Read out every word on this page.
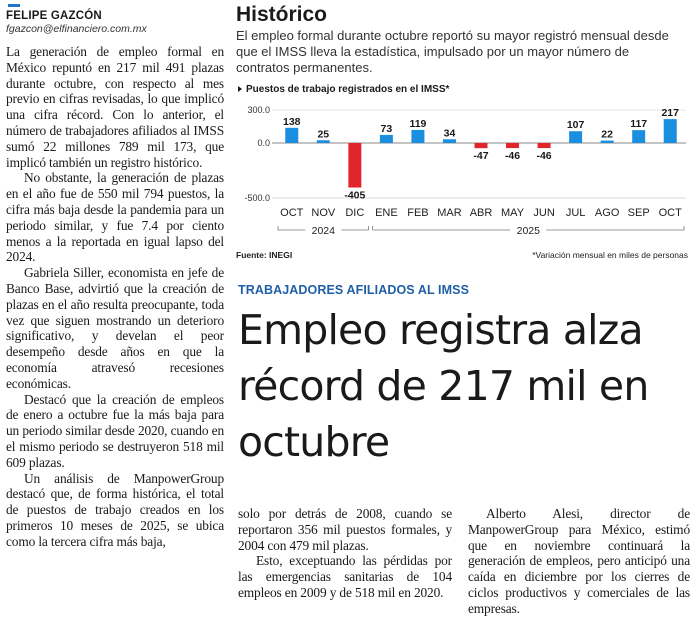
FELIPE GAZCÓN
fgazcon@elfinanciero.com.mx

La generación de empleo formal en México repuntó en 217 mil 491 plazas durante octubre, con respecto al mes previo en cifras revisadas, lo que implicó una cifra récord. Con lo anterior, el número de trabajadores afiliados al IMSS sumó 22 millones 789 mil 173, que implicó también un registro histórico.

No obstante, la generación de plazas en el año fue de 550 mil 794 puestos, la cifra más baja desde la pandemia para un periodo similar, y fue 7.4 por ciento menos a la reportada en igual lapso del 2024.

Gabriela Siller, economista en jefe de Banco Base, advirtió que la creación de plazas en el año resulta preocupante, toda vez que siguen mostrando un deterioro significativo, y develan el peor desempeño desde años en que la economía atravesó recesiones económicas.

Destacó que la creación de empleos de enero a octubre fue la más baja para un periodo similar desde 2020, cuando en el mismo periodo se destruyeron 518 mil 609 plazas.

Un análisis de ManpowerGroup destacó que, de forma histórica, el total de puestos de trabajo creados en los primeros 10 meses de 2025, se ubica como la tercera cifra más baja,

Histórico
El empleo formal durante octubre reportó su mayor registró mensual desde que el IMSS lleva la estadística, impulsado por un mayor número de contratos permanentes.
Puestos de trabajo registrados en el IMSS*
300.0
0.0
-500.0
138
25
-405
73 119
34
-47 -46 -46
107
22
117
217
OCT NOV DIC ENE FEB MAR ABR MAY JUN JUL AGO SEP OCT
2024	2025
Fuente: INEGI	*Variación mensual en miles de personas
TRABAJADORES AFILIADOS AL IMSS
Empleo registra alza récord de 217 mil en octubre

solo por detrás de 2008, cuando se reportaron 356 mil puestos formales, y 2004 con 479 mil plazas.

Esto, exceptuando las pérdidas por las emergencias sanitarias de 104 empleos en 2009 y de 518 mil en 2020.

Alberto Alesi, director de ManpowerGroup para México, estimó que en noviembre continuará la generación de empleos, pero anticipó una caída en diciembre por los cierres de ciclos productivos y comerciales de las empresas.
